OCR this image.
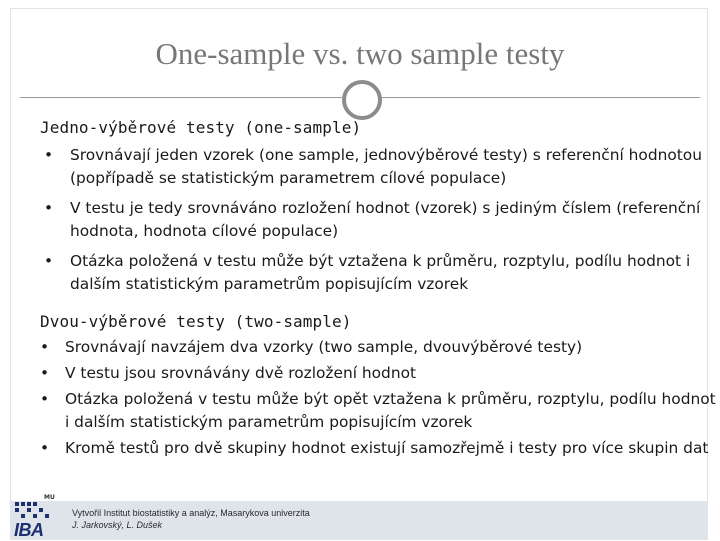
One-sample vs. two sample testy
Jedno-výběrové testy (one-sample)
• Srovnávají jeden vzorek (one sample, jednovýběrové testy) s referenční hodnotou (popřípadě se statistickým parametrem cílové populace)
• V testu je tedy srovnáváno rozložení hodnot (vzorek) s jediným číslem (referenční hodnota, hodnota cílové populace)
• Otázka položená v testu může být vztažena k průměru, rozptylu, podílu hodnot i dalším statistickým parametrům popisujícím vzorek
Dvou-výběrové testy (two-sample)
• Srovnávají navzájem dva vzorky (two sample, dvouvýběrové testy)
• V testu jsou srovnávány dvě rozložení hodnot
• Otázka položená v testu může být opět vztažena k průměru, rozptylu, podílu hodnot i dalším statistickým parametrům popisujícím vzorek
• Kromě testů pro dvě skupiny hodnot existují samozřejmě i testy pro více skupin dat
MU
IBA
Vytvořil Institut biostatistiky a analýz, Masarykova univerzita
J. Jarkovský, L. Dušek
